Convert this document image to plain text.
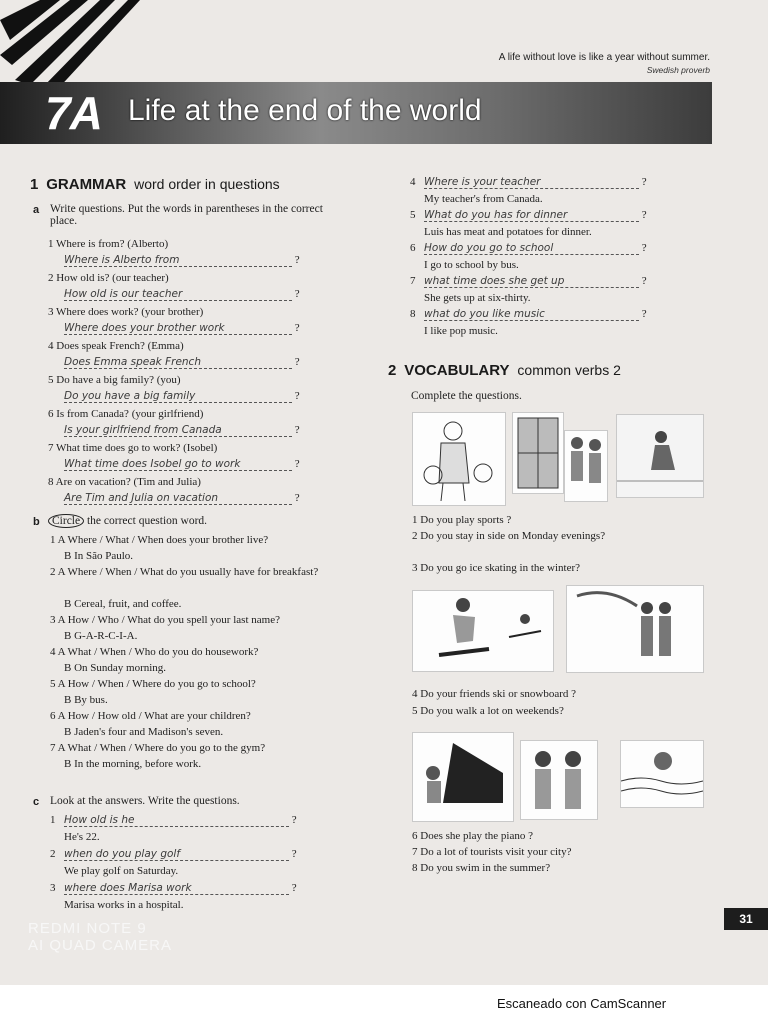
A life without love is like a year without summer.
Swedish proverb
7A Life at the end of the world
1 GRAMMAR word order in questions
a Write questions. Put the words in parentheses in the correct place.
b	Circle the correct question word.
c Look at the answers. Write the questions.
2 VOCABULARY common verbs 2
Complete the questions.
31
REDMI NOTE 9
AI QUAD CAMERA
1 Where is from? (Alberto)
Where is Alberto from	?
2 How old is? (our teacher)
How old is our teacher	?
3 Where does work? (your brother)
Where does your brother work	?
4 Does speak French? (Emma)
Does Emma speak French	?
5 Do have a big family? (you)
Do you have a big family	?
6 Is from Canada? (your girlfriend)
Is your girlfriend from Canada	?
7 What time does go to work? (Isobel)
What time does Isobel go to work	?
8 Are on vacation? (Tim and Julia)
Are Tim and Julia on vacation	?
1 A Where / What / When does your brother live?
B In São Paulo.
2 A Where / When / What do you usually have for breakfast?
B Cereal, fruit, and coffee.
3 A How / Who / What do you spell your last name?
B G-A-R-C-I-A.
4 A What / When / Who do you do housework?
B On Sunday morning.
5 A How / When / Where do you go to school?
B By bus.
6 A How / How old / What are your children?
B Jaden's four and Madison's seven.
7 A What / When / Where do you go to the gym?
B In the morning, before work.
1 How old is he	?
He's 22.
2 when do you play golf	?
We play golf on Saturday.
3 where does Marisa work	?
Marisa works in a hospital.
4 Where is your teacher	?
My teacher's from Canada.
5 What do you has for dinner	?
Luis has meat and potatoes for dinner.
6 How do you go to school	?
I go to school by bus.
7 what time does she get up	?
She gets up at six-thirty.
8 what do you like music	?
I like pop music.
1 Do you play sports ?
2 Do you stay in side on Monday evenings?
3 Do you go ice skating in the winter?
4 Do your friends ski or snowboard ?
5 Do you walk a lot on weekends?
6 Does she play the piano ?
7 Do a lot of tourists visit your city?
8 Do you swim in the summer?
Escaneado con CamScanner
